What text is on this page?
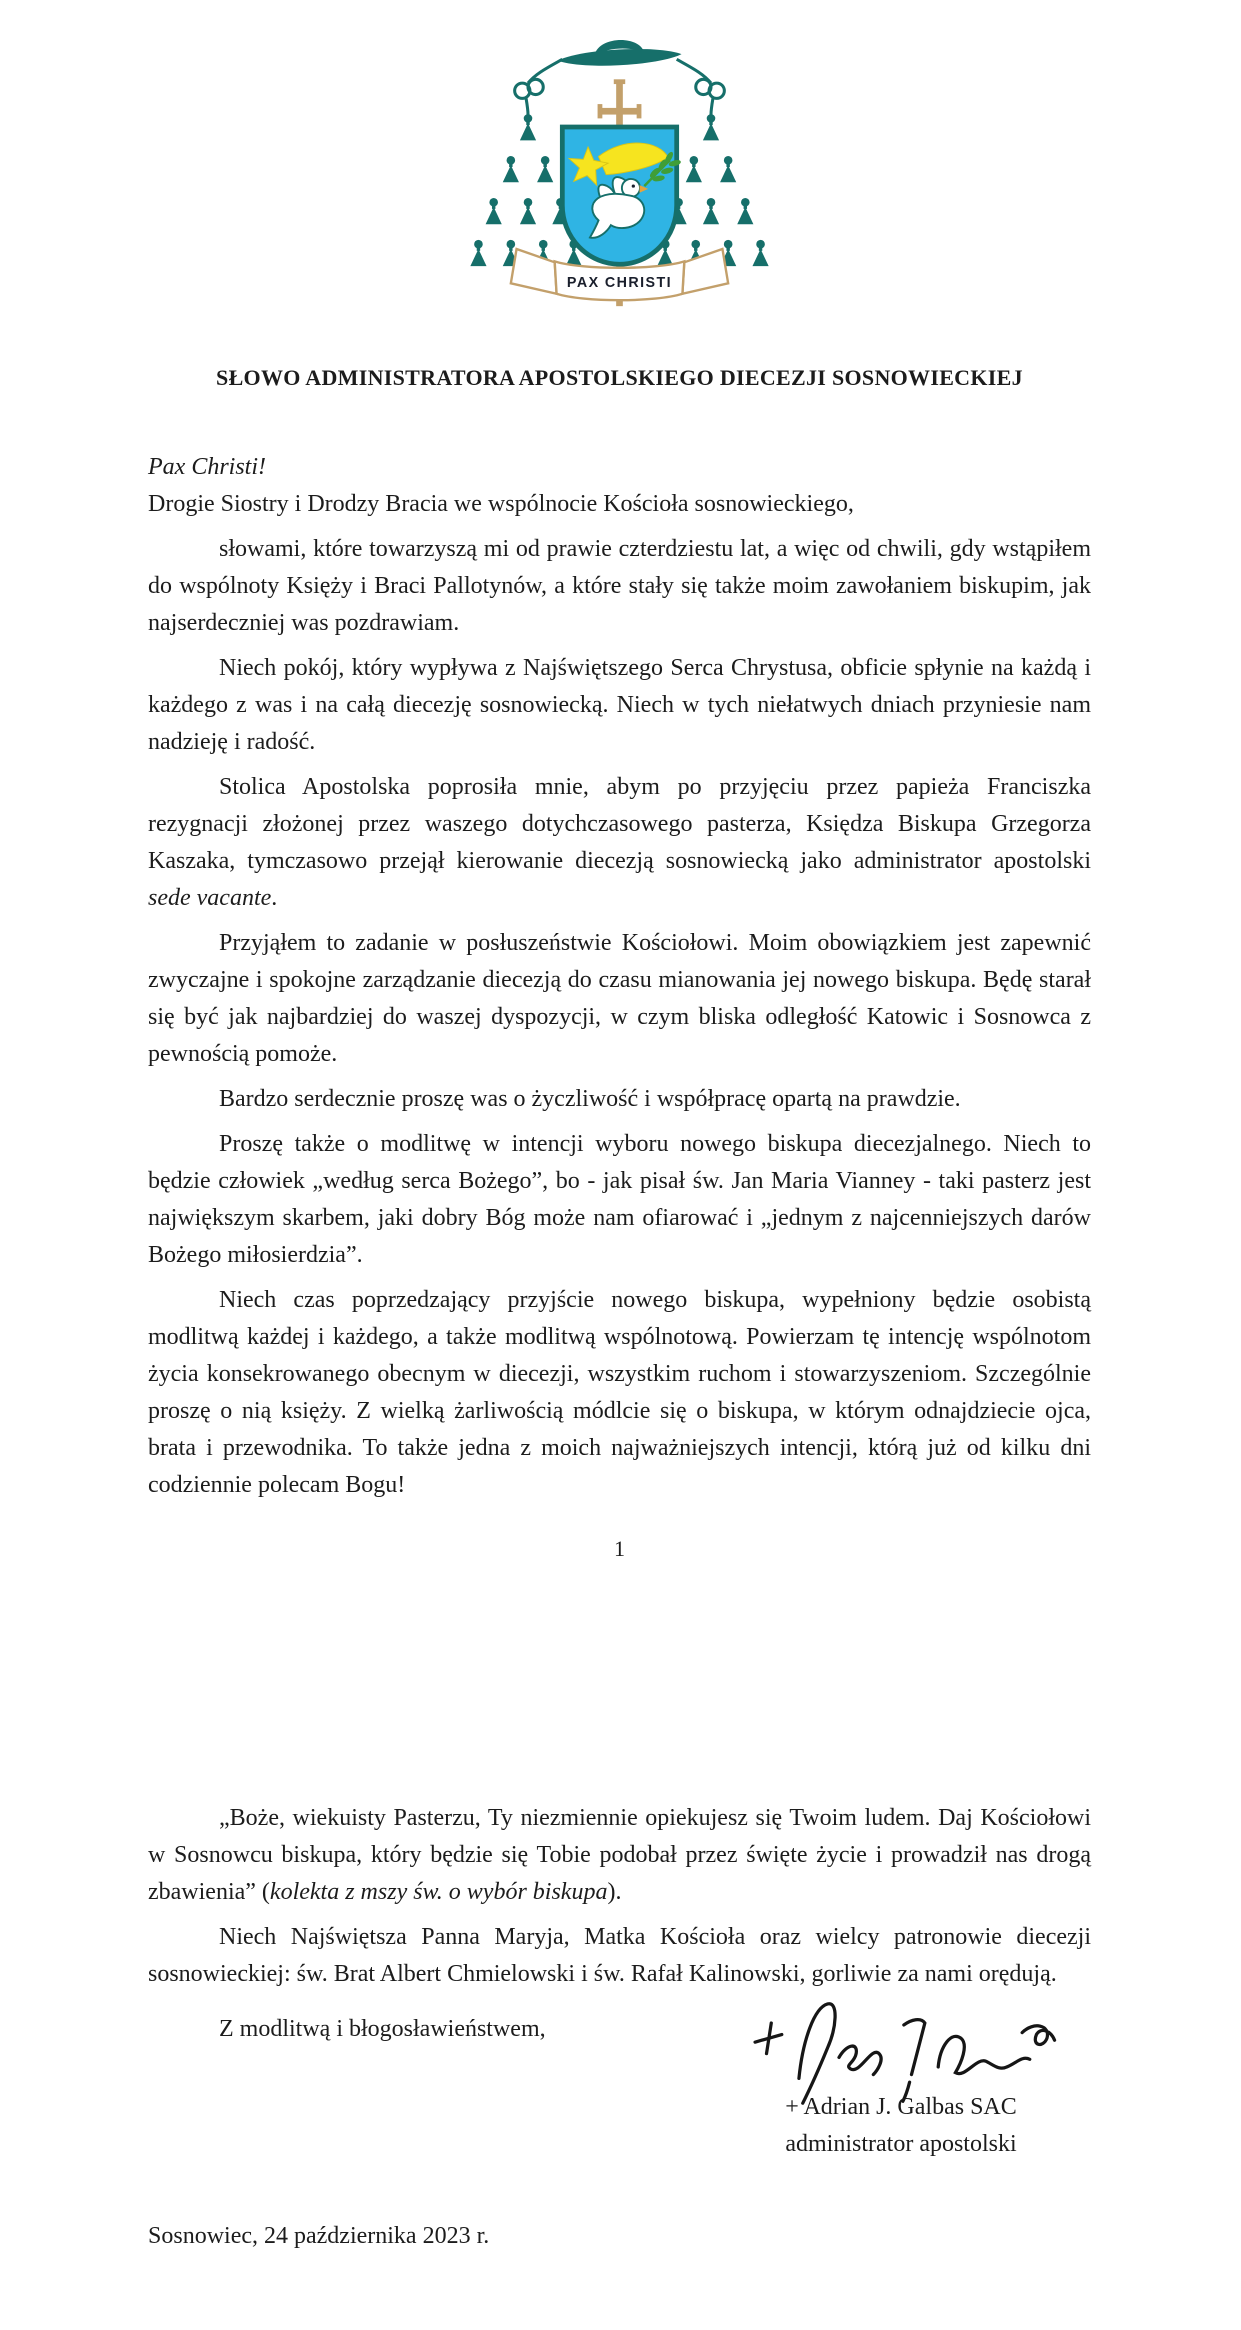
PAX CHRISTI
SŁOWO ADMINISTRATORA APOSTOLSKIEGO DIECEZJI SOSNOWIECKIEJ
Pax Christi!
Drogie Siostry i Drodzy Bracia we wspólnocie Kościoła sosnowieckiego,

słowami, które towarzyszą mi od prawie czterdziestu lat, a więc od chwili, gdy wstąpiłem do wspólnoty Księży i Braci Pallotynów, a które stały się także moim zawołaniem biskupim, jak najserdeczniej was pozdrawiam.

Niech pokój, który wypływa z Najświętszego Serca Chrystusa, obficie spłynie na każdą i każdego z was i na całą diecezję sosnowiecką. Niech w tych niełatwych dniach przyniesie nam nadzieję i radość.

Stolica Apostolska poprosiła mnie, abym po przyjęciu przez papieża Franciszka rezygnacji złożonej przez waszego dotychczasowego pasterza, Księdza Biskupa Grzegorza Kaszaka, tymczasowo przejął kierowanie diecezją sosnowiecką jako administrator apostolski sede vacante.

Przyjąłem to zadanie w posłuszeństwie Kościołowi. Moim obowiązkiem jest zapewnić zwyczajne i spokojne zarządzanie diecezją do czasu mianowania jej nowego biskupa. Będę starał się być jak najbardziej do waszej dyspozycji, w czym bliska odległość Katowic i Sosnowca z pewnością pomoże.

Bardzo serdecznie proszę was o życzliwość i współpracę opartą na prawdzie.

Proszę także o modlitwę w intencji wyboru nowego biskupa diecezjalnego. Niech to będzie człowiek „według serca Bożego”, bo - jak pisał św. Jan Maria Vianney - taki pasterz jest największym skarbem, jaki dobry Bóg może nam ofiarować i „jednym z najcenniejszych darów Bożego miłosierdzia”.

Niech czas poprzedzający przyjście nowego biskupa, wypełniony będzie osobistą modlitwą każdej i każdego, a także modlitwą wspólnotową. Powierzam tę intencję wspólnotom życia konsekrowanego obecnym w diecezji, wszystkim ruchom i stowarzyszeniom. Szczególnie proszę o nią księży. Z wielką żarliwością módlcie się o biskupa, w którym odnajdziecie ojca, brata i przewodnika. To także jedna z moich najważniejszych intencji, którą już od kilku dni codziennie polecam Bogu!

1

„Boże, wiekuisty Pasterzu, Ty niezmiennie opiekujesz się Twoim ludem. Daj Kościołowi w Sosnowcu biskupa, który będzie się Tobie podobał przez święte życie i prowadził nas drogą zbawienia” (kolekta z mszy św. o wybór biskupa).

Niech Najświętsza Panna Maryja, Matka Kościoła oraz wielcy patronowie diecezji sosnowieckiej: św. Brat Albert Chmielowski i św. Rafał Kalinowski, gorliwie za nami orędują.

Z modlitwą i błogosławieństwem,
+ Adrian J. Galbas SAC
administrator apostolski
Sosnowiec, 24 października 2023 r.
